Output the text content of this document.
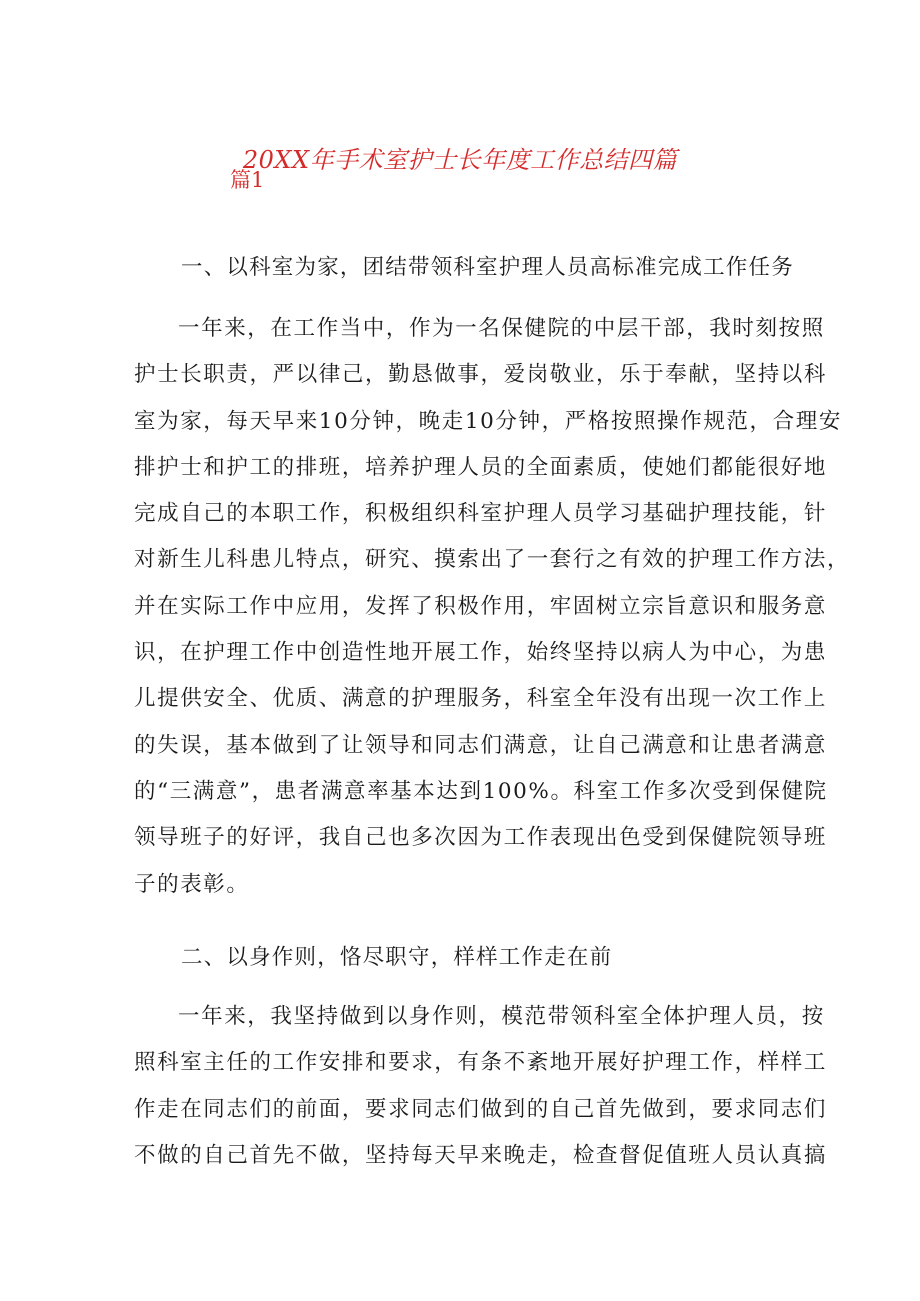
20XX年手术室护士长年度工作总结四篇
篇1
一、以科室为家，团结带领科室护理人员高标准完成工作任务
一年来，在工作当中，作为一名保健院的中层干部，我时刻按照
护士长职责，严以律己，勤恳做事，爱岗敬业，乐于奉献，坚持以科
室为家，每天早来10分钟，晚走10分钟，严格按照操作规范，合理安
排护士和护工的排班，培养护理人员的全面素质，使她们都能很好地
完成自己的本职工作，积极组织科室护理人员学习基础护理技能，针
对新生儿科患儿特点，研究、摸索出了一套行之有效的护理工作方法，
并在实际工作中应用，发挥了积极作用，牢固树立宗旨意识和服务意
识，在护理工作中创造性地开展工作，始终坚持以病人为中心，为患
儿提供安全、优质、满意的护理服务，科室全年没有出现一次工作上
的失误，基本做到了让领导和同志们满意，让自己满意和让患者满意
的“三满意”，患者满意率基本达到100%。科室工作多次受到保健院
领导班子的好评，我自己也多次因为工作表现出色受到保健院领导班
子的表彰。
二、以身作则，恪尽职守，样样工作走在前
一年来，我坚持做到以身作则，模范带领科室全体护理人员，按
照科室主任的工作安排和要求，有条不紊地开展好护理工作，样样工
作走在同志们的前面，要求同志们做到的自己首先做到，要求同志们
不做的自己首先不做，坚持每天早来晚走，检查督促值班人员认真搞
